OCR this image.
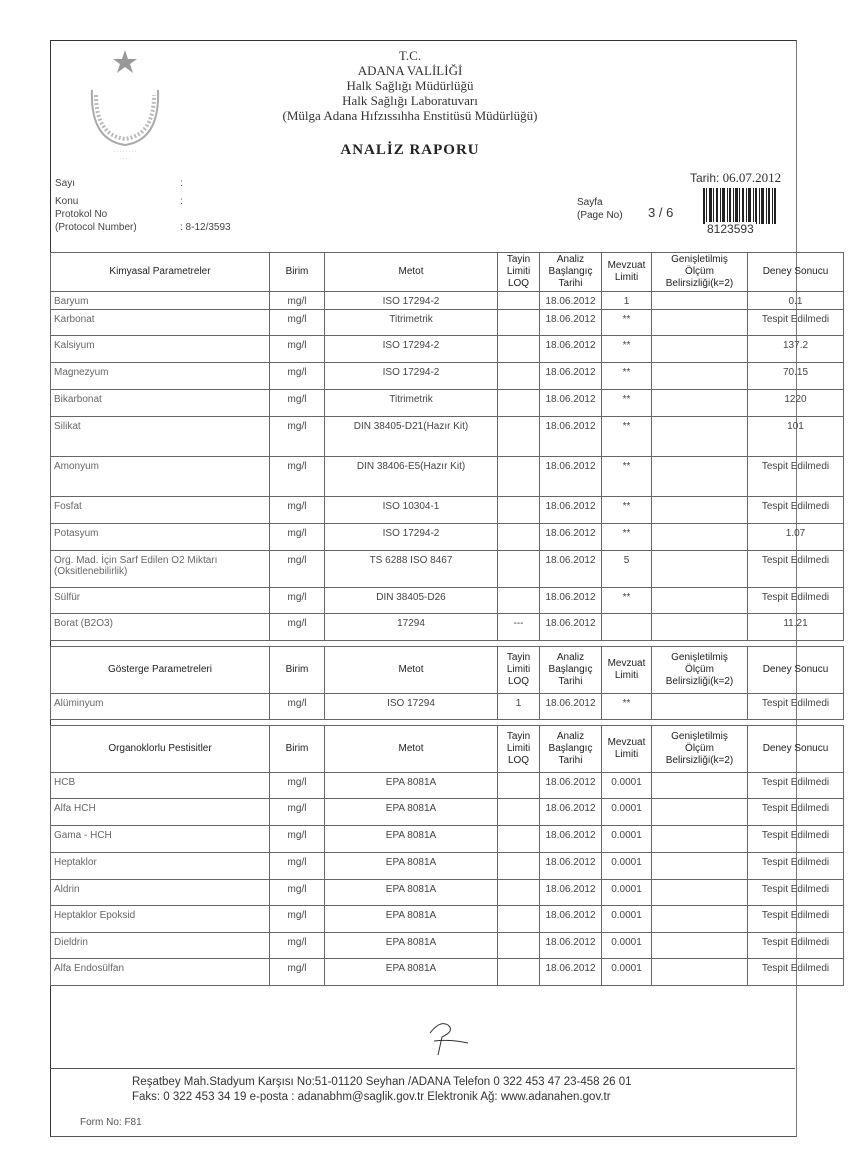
· · · · · · · ·
· · · ·
T.C.
ADANA VALİLİĞİ
Halk Sağlığı Müdürlüğü
Halk Sağlığı Laboratuvarı
(Mülga Adana Hıfzıssıhha Enstitüsü Müdürlüğü)
ANALİZ RAPORU
Sayı	:
Konu	:
Protokol No
(Protocol Number)	: 8-12/3593
Tarih: 06.07.2012
Sayfa
(Page No) 3 / 6
8123593
Kimyasal Parametreler	Birim	Metot	Tayin
Limiti
LOQ	Analiz
Başlangıç
Tarihi	Mevzuat
Limiti	Genişletilmiş
Ölçüm
Belirsizliği(k=2)	Deney Sonucu
Baryum	mg/l	ISO 17294-2		18.06.2012	1		0.1
Karbonat	mg/l	Titrimetrik		18.06.2012	**		Tespit Edilmedi
Kalsiyum	mg/l	ISO 17294-2		18.06.2012	**		137.2
Magnezyum	mg/l	ISO 17294-2		18.06.2012	**		70.15
Bikarbonat	mg/l	Titrimetrik		18.06.2012	**		1220
Silikat	mg/l	DIN 38405-D21(Hazır Kit)		18.06.2012	**		101
Amonyum	mg/l	DIN 38406-E5(Hazır Kit)		18.06.2012	**		Tespit Edilmedi
Fosfat	mg/l	ISO 10304-1		18.06.2012	**		Tespit Edilmedi
Potasyum	mg/l	ISO 17294-2		18.06.2012	**		1.07
Org. Mad. İçin Sarf Edilen O2 Miktarı (Oksitlenebilirlik)	mg/l	TS 6288 ISO 8467		18.06.2012	5		Tespit Edilmedi
Sülfür	mg/l	DIN 38405-D26		18.06.2012	**		Tespit Edilmedi
Borat (B2O3)	mg/l	17294	---	18.06.2012			11.21

Gösterge Parametreleri	Birim	Metot	Tayin
Limiti
LOQ	Analiz
Başlangıç
Tarihi	Mevzuat
Limiti	Genişletilmiş
Ölçüm
Belirsizliği(k=2)	Deney Sonucu
Alüminyum	mg/l	ISO 17294	1	18.06.2012	**		Tespit Edilmedi

Organoklorlu Pestisitler	Birim	Metot	Tayin
Limiti
LOQ	Analiz
Başlangıç
Tarihi	Mevzuat
Limiti	Genişletilmiş
Ölçüm
Belirsizliği(k=2)	Deney Sonucu
HCB	mg/l	EPA 8081A		18.06.2012	0.0001		Tespit Edilmedi
Alfa HCH	mg/l	EPA 8081A		18.06.2012	0.0001		Tespit Edilmedi
Gama - HCH	mg/l	EPA 8081A		18.06.2012	0.0001		Tespit Edilmedi
Heptaklor	mg/l	EPA 8081A		18.06.2012	0.0001		Tespit Edilmedi
Aldrin	mg/l	EPA 8081A		18.06.2012	0.0001		Tespit Edilmedi
Heptaklor Epoksid	mg/l	EPA 8081A		18.06.2012	0.0001		Tespit Edilmedi
Dieldrin	mg/l	EPA 8081A		18.06.2012	0.0001		Tespit Edilmedi
Alfa Endosülfan	mg/l	EPA 8081A		18.06.2012	0.0001		Tespit Edilmedi
Reşatbey Mah.Stadyum Karşısı No:51-01120 Seyhan /ADANA Telefon 0 322 453 47 23-458 26 01
Faks: 0 322 453 34 19 e-posta : adanabhm@saglik.gov.tr Elektronik Ağ: www.adanahen.gov.tr
Form No: F81
